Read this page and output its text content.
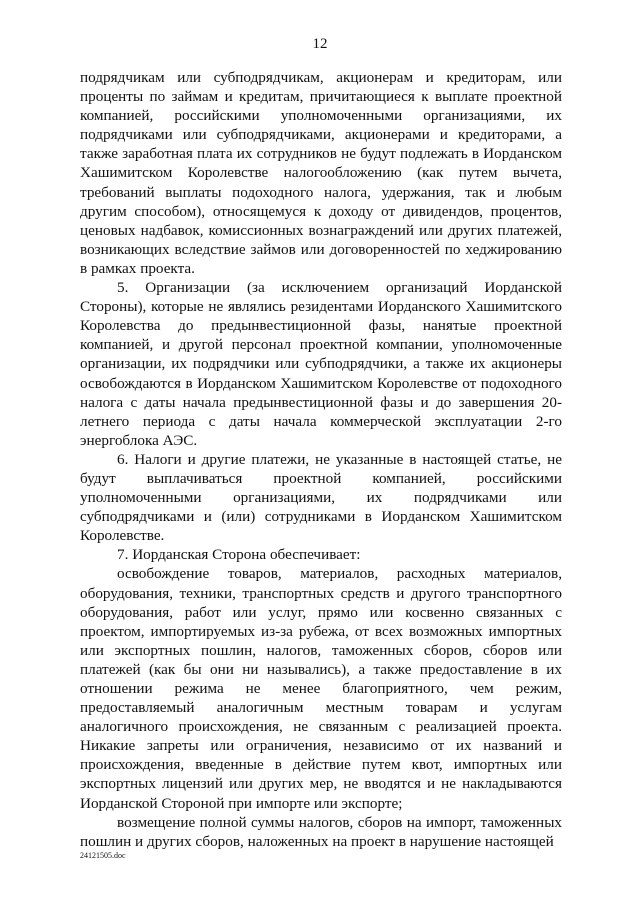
12

подрядчикам или субподрядчикам, акционерам и кредиторам, или проценты по займам и кредитам, причитающиеся к выплате проектной компанией, российскими уполномоченными организациями, их подрядчиками или субподрядчиками, акционерами и кредиторами, а также заработная плата их сотрудников не будут подлежать в Иорданском Хашимитском Королевстве налогообложению (как путем вычета, требований выплаты подоходного налога, удержания, так и любым другим способом), относящемуся к доходу от дивидендов, процентов, ценовых надбавок, комиссионных вознаграждений или других платежей, возникающих вследствие займов или договоренностей по хеджированию в рамках проекта.

5. Организации (за исключением организаций Иорданской Стороны), которые не являлись резидентами Иорданского Хашимитского Королевства до предынвестиционной фазы, нанятые проектной компанией, и другой персонал проектной компании, уполномоченные организации, их подрядчики или субподрядчики, а также их акционеры освобождаются в Иорданском Хашимитском Королевстве от подоходного налога с даты начала предынвестиционной фазы и до завершения 20-летнего периода с даты начала коммерческой эксплуатации 2-го энергоблока АЭС.

6. Налоги и другие платежи, не указанные в настоящей статье, не будут выплачиваться проектной компанией, российскими уполномоченными организациями, их подрядчиками или субподрядчиками и (или) сотрудниками в Иорданском Хашимитском Королевстве.

7. Иорданская Сторона обеспечивает:

освобождение товаров, материалов, расходных материалов, оборудования, техники, транспортных средств и другого транспортного оборудования, работ или услуг, прямо или косвенно связанных с проектом, импортируемых из-за рубежа, от всех возможных импортных или экспортных пошлин, налогов, таможенных сборов, сборов или платежей (как бы они ни назывались), а также предоставление в их отношении режима не менее благоприятного, чем режим, предоставляемый аналогичным местным товарам и услугам аналогичного происхождения, не связанным с реализацией проекта. Никакие запреты или ограничения, независимо от их названий и происхождения, введенные в действие путем квот, импортных или экспортных лицензий или других мер, не вводятся и не накладываются Иорданской Стороной при импорте или экспорте;

возмещение полной суммы налогов, сборов на импорт, таможенных пошлин и других сборов, наложенных на проект в нарушение настоящей

24121505.doc
